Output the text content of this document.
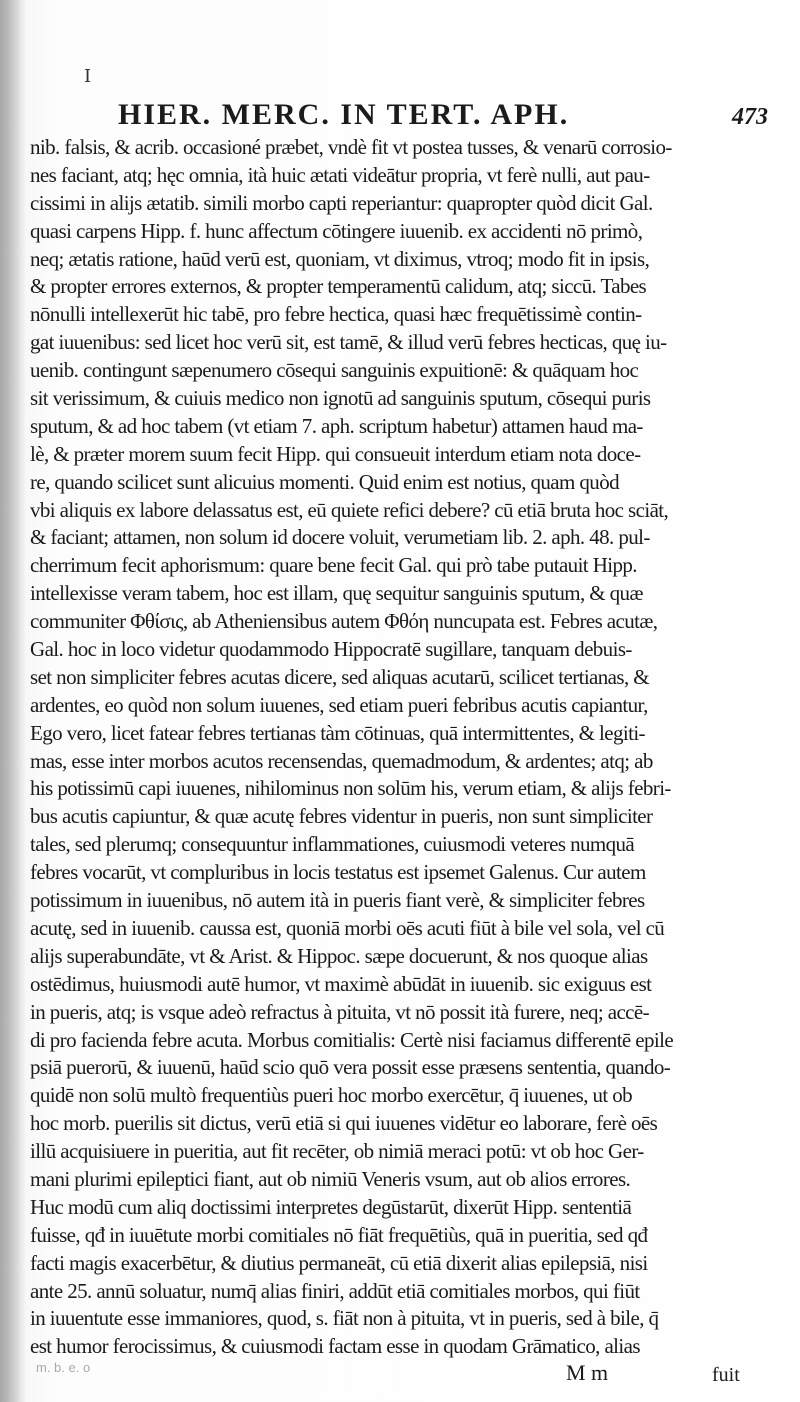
I
HIER. MERC. IN TERT. APH.	473
nib. falsis, & acrib. occasioné præbet, vndè fit vt postea tusses, & venarū corrosio-
nes faciant, atq; hęc omnia, ità huic ætati videātur propria, vt ferè nulli, aut pau-
cissimi in alijs ætatib. simili morbo capti reperiantur: quapropter quòd dicit Gal.
quasi carpens Hipp. f. hunc affectum cōtingere iuuenib. ex accidenti nō primò,
neq; ætatis ratione, haūd verū est, quoniam, vt diximus, vtroq; modo fit in ipsis,
& propter errores externos, & propter temperamentū calidum, atq; siccū. Tabes
nōnulli intellexerūt hic tabē, pro febre hectica, quasi hæc frequētissimè contin-
gat iuuenibus: sed licet hoc verū sit, est tamē, & illud verū febres hecticas, quę iu-
uenib. contingunt sæpenumero cōsequi sanguinis expuitionē: & quāquam hoc
sit verissimum, & cuiuis medico non ignotū ad sanguinis sputum, cōsequi puris
sputum, & ad hoc tabem (vt etiam 7. aph. scriptum habetur) attamen haud ma-
lè, & præter morem suum fecit Hipp. qui consueuit interdum etiam nota doce-
re, quando scilicet sunt alicuius momenti. Quid enim est notius, quam quòd
vbi aliquis ex labore delassatus est, eū quiete refici debere? cū etiā bruta hoc sciāt,
& faciant; attamen, non solum id docere voluit, verumetiam lib. 2. aph. 48. pul-
cherrimum fecit aphorismum: quare bene fecit Gal. qui prò tabe putauit Hipp.
intellexisse veram tabem, hoc est illam, quę sequitur sanguinis sputum, & quæ
communiter Φθίσις, ab Atheniensibus autem Φθόη nuncupata est. Febres acutæ,
Gal. hoc in loco videtur quodammodo Hippocratē sugillare, tanquam debuis-
set non simpliciter febres acutas dicere, sed aliquas acutarū, scilicet tertianas, &
ardentes, eo quòd non solum iuuenes, sed etiam pueri febribus acutis capiantur,
Ego vero, licet fatear febres tertianas tàm cōtinuas, quā intermittentes, & legiti-
mas, esse inter morbos acutos recensendas, quemadmodum, & ardentes; atq; ab
his potissimū capi iuuenes, nihilominus non solūm his, verum etiam, & alijs febri-
bus acutis capiuntur, & quæ acutę febres videntur in pueris, non sunt simpliciter
tales, sed plerumq; consequuntur inflammationes, cuiusmodi veteres numquā
febres vocarūt, vt compluribus in locis testatus est ipsemet Galenus. Cur autem
potissimum in iuuenibus, nō autem ità in pueris fiant verè, & simpliciter febres
acutę, sed in iuuenib. caussa est, quoniā morbi oēs acuti fiūt à bile vel sola, vel cū
alijs superabundāte, vt & Arist. & Hippoc. sæpe docuerunt, & nos quoque alias
ostēdimus, huiusmodi autē humor, vt maximè abūdāt in iuuenib. sic exiguus est
in pueris, atq; is vsque adeò refractus à pituita, vt nō possit ità furere, neq; accē-
di pro facienda febre acuta. Morbus comitialis: Certè nisi faciamus differentē epile
psiā puerorū, & iuuenū, haūd scio quō vera possit esse præsens sententia, quando-
quidē non solū multò frequentiùs pueri hoc morbo exercētur, q̄ iuuenes, ut ob
hoc morb. puerilis sit dictus, verū etiā si qui iuuenes vidētur eo laborare, ferè oēs
illū acquisiuere in pueritia, aut fit recēter, ob nimiā meraci potū: vt ob hoc Ger-
mani plurimi epileptici fiant, aut ob nimiū Veneris vsum, aut ob alios errores.
Huc modū cum aliq doctissimi interpretes degūstarūt, dixerūt Hipp. sententiā
fuisse, qđ in iuuētute morbi comitiales nō fiāt frequētiùs, quā in pueritia, sed qđ
facti magis exacerbētur, & diutius permaneāt, cū etiā dixerit alias epilepsiā, nisi
ante 25. annū soluatur, numq̄ alias finiri, addūt etiā comitiales morbos, qui fiūt
in iuuentute esse immaniores, quod, s. fiāt non à pituita, vt in pueris, sed à bile, q̄
est humor ferocissimus, & cuiusmodi factam esse in quodam Grāmatico, alias
m. b. e. o	M m	fuit
